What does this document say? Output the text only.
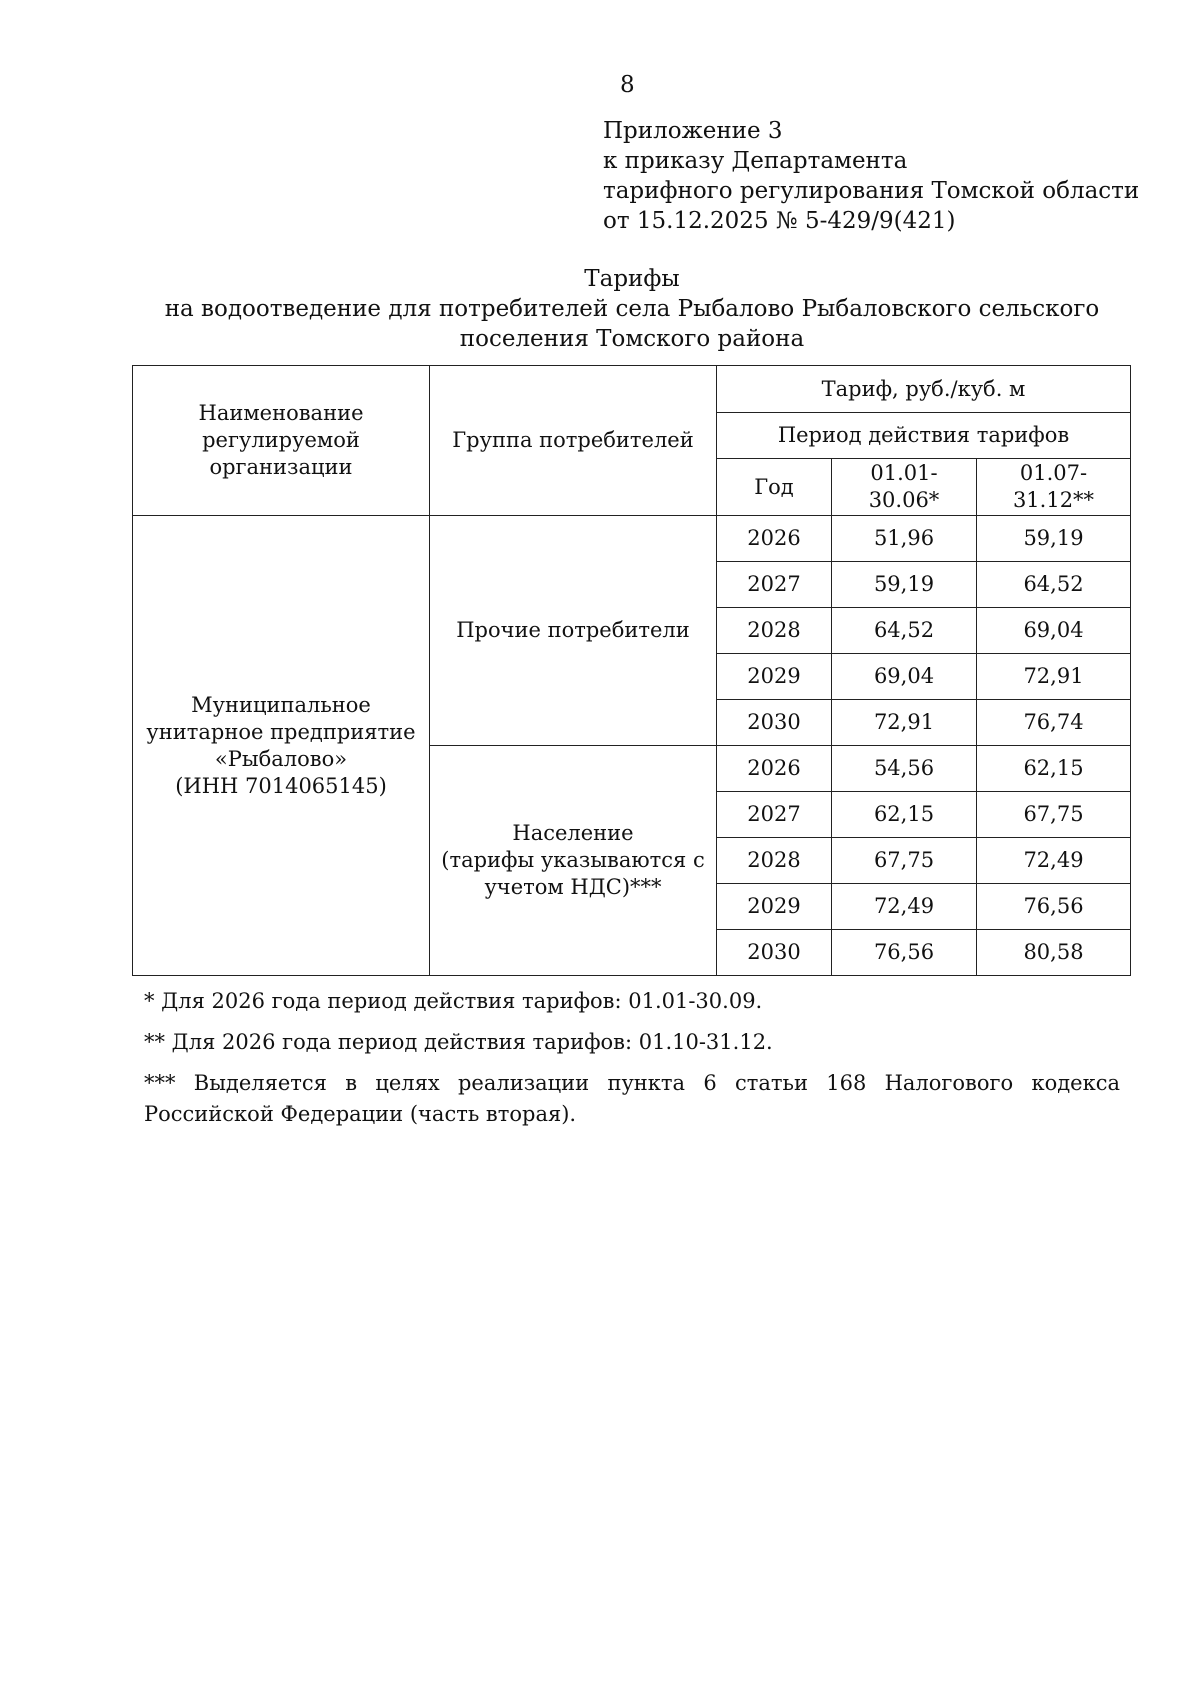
8
Приложение 3
к приказу Департамента
тарифного регулирования Томской области
от 15.12.2025 № 5-429/9(421)
Тарифы
на водоотведение для потребителей села Рыбалово Рыбаловского сельского
поселения Томского района
Наименование регулируемой организации	Группа потребителей	Тариф, руб./куб. м		
		Период действия тарифов		
		Год	01.01-30.06*	01.07-31.12**

Муниципальное
унитарное предприятие
«Рыбалово»
(ИНН 7014065145)	Прочие потребители	2026	51,96	59,19
		2027	59,19	64,52
		2028	64,52	69,04
		2029	69,04	72,91
		2030	72,91	76,74

	Население
(тарифы указываются с
учетом НДС)***	2026	54,56	62,15
		2027	62,15	67,75
		2028	67,75	72,49
		2029	72,49	76,56
		2030	76,56	80,58

* Для 2026 года период действия тарифов: 01.01-30.09.

** Для 2026 года период действия тарифов: 01.10-31.12.

*** Выделяется в целях реализации пункта 6 статьи 168 Налогового кодекса Российской Федерации (часть вторая).
